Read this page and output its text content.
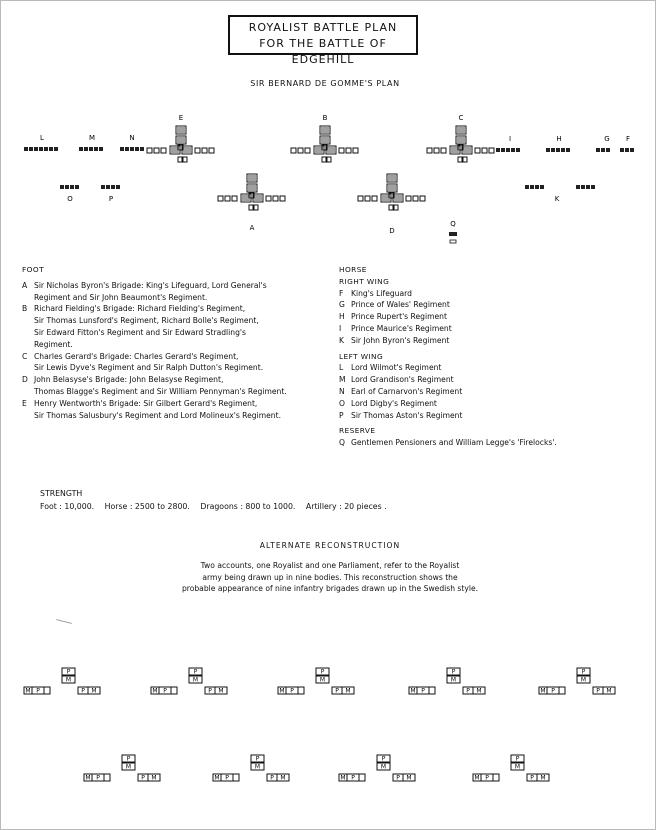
ROYALIST BATTLE PLAN
FOR THE BATTLE OF EDGEHILL
SIR BERNARD DE GOMME'S PLAN
E	B	C
A	D
L	M	N
O	P
I	H	G F
K
Q
P
M
M P	P M
P
M
M P	P M
P
M
M P	P M
P
M
M P	P M
P
M
M P	P M
P
M
M P	P M
P
M
M P	P M
P
M
M P	P M
P
M
M P	P M
FOOT
A Sir Nicholas Byron's Brigade: King's Lifeguard, Lord General's
Regiment and Sir John Beaumont's Regiment.
B Richard Fielding's Brigade: Richard Fielding's Regiment,
Sir Thomas Lunsford's Regiment, Richard Bolle's Regiment,
Sir Edward Fitton's Regiment and Sir Edward Stradling's
Regiment.
C Charles Gerard's Brigade: Charles Gerard's Regiment,
Sir Lewis Dyve's Regiment and Sir Ralph Dutton's Regiment.
D John Belasyse's Brigade: John Belasyse Regiment,
Thomas Blagge's Regiment and Sir William Pennyman's Regiment.
E Henry Wentworth's Brigade: Sir Gilbert Gerard's Regiment,
Sir Thomas Salusbury's Regiment and Lord Molineux's Regiment.
HORSE
RIGHT WING
F	King's Lifeguard
G Prince of Wales' Regiment
H Prince Rupert's Regiment
I	Prince Maurice's Regiment
K Sir John Byron's Regiment
LEFT WING
L	Lord Wilmot's Regiment
M Lord Grandison's Regiment
N Earl of Carnarvon's Regiment
O Lord Digby's Regiment
P Sir Thomas Aston's Regiment
RESERVE
Q Gentlemen Pensioners and William Legge's 'Firelocks'.
STRENGTH
Foot : 10,000. Horse : 2500 to 2800. Dragoons : 800 to 1000. Artillery : 20 pieces .
ALTERNATE RECONSTRUCTION
Two accounts, one Royalist and one Parliament, refer to the Royalist
army being drawn up in nine bodies. This reconstruction shows the
probable appearance of nine infantry brigades drawn up in the Swedish style.
